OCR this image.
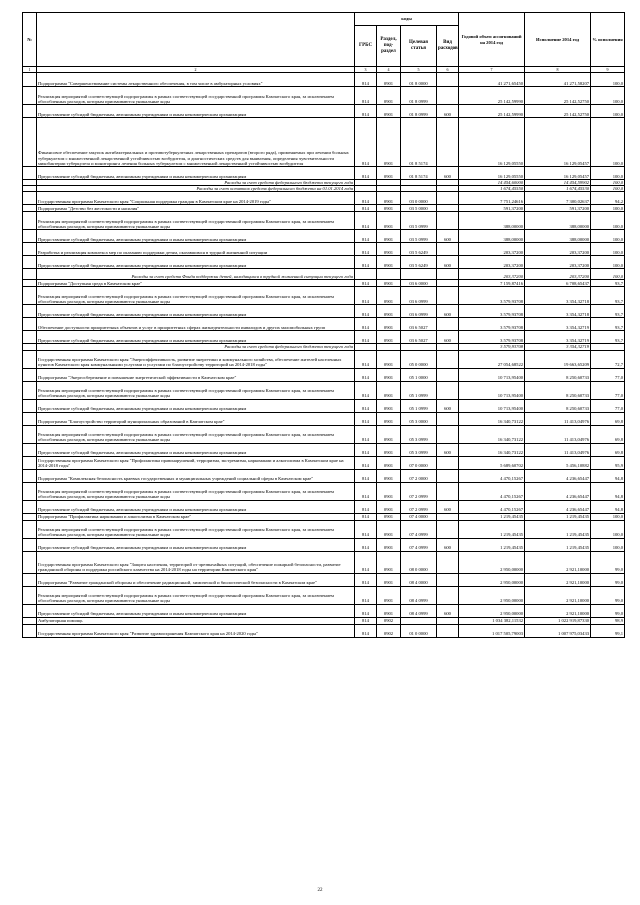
№		коды				Годовой объем ассигнований на 2014 год	Исполнение 2014 год	% исполнения
		ГРБС	Раздел, под-раздел	Целевая статья	Вид расходов			
1	2	3	4	5	6	7	8	9
	Подпрограмма "Совершенствование системы лекарственного обеспечения, в том числе в амбулаторных условиях"	814	0901	01 8 0000		41 271,65450	41 271,58207	100,0
	Реализация мероприятий соответствующей подпрограммы в рамках соответствующей государственной программы Камчатского края, за исключением обособленных расходов, которым присваиваются уникальные коды	814	0901	01 8 0999		25 142,59990	25 142,52750	100,0
	Предоставление субсидий бюджетным, автономным учреждениям и иным некоммерческим организациям	814	0901	01 8 0999	600	25 142,59990	25 142,52750	100,0
	Финансовое обеспечение закупок антибактериальных и противотуберкулезных лекарственных препаратов (второго ряда), применяемых при лечении больных туберкулезом с множественной лекарственной устойчивостью возбудителя, и диагностических средств для выявления, определения чувствительности микобактерии туберкулеза и мониторинга лечения больных туберкулезом с множественной лекарственной устойчивостью возбудителя	814	0901	01 8 5174		16 129,05550	16 129,05457	100,0
	Предоставление субсидий бюджетным, автономным учреждениям и иным некоммерческим организациям	814	0901	01 8 5174	600	16 129,05550	16 129,05457	100,0
	Расходы за счет средств федерального бюджета текущего года					14 454,60000	14 454,59902	100,0
	Расходы за счет остатков средств федерального бюджета на 01.01.2014 года					1 674,45550	1 674,45530	100,0
	Государственная программа Камчатского края "Социальная поддержка граждан в Камчатском крае на 2014-2019 годы"	814	0901	03 0 0000		7 751,24616	7 300,02637	94,2
	Подпрограмма "Детство без жестокости и насилия"	814	0901	03 5 0000		591,37200	591,37200	100,0
	Реализация мероприятий соответствующей подпрограммы в рамках соответствующей государственной программы Камчатского края, за исключением обособленных расходов, которым присваиваются уникальные коды	814	0901	03 5 0999		388,00000	388,00000	100,0
	Предоставление субсидий бюджетным, автономным учреждениям и иным некоммерческим организациям	814	0901	03 5 0999	600	388,00000	388,00000	100,0
	Разработка и реализация комплекса мер по оказанию поддержки детям, оказавшимся в трудной жизненной ситуации	814	0901	03 5 6249		203,37200	203,37200	100,0
	Предоставление субсидий бюджетным, автономным учреждениям и иным некоммерческим организациям	814	0901	03 5 6249	600	203,37200	203,37200	100,0
	Расходы за счет средств Фонда поддержки детей, находящихся в трудной жизненной ситуации текущего года					203,37200	203,37200	100,0
	Подпрограмма "Доступная среда в Камчатском крае"	814	0901	03 6 0000		7 159,87416	6 708,65437	93,7
	Реализация мероприятий соответствующей подпрограммы в рамках соответствующей государственной программы Камчатского края, за исключением обособленных расходов, которым присваиваются уникальные коды	814	0901	03 6 0999		3 579,93708	3 354,32718	93,7
	Предоставление субсидий бюджетным, автономным учреждениям и иным некоммерческим организациям	814	0901	03 6 0999	600	3 579,93708	3 354,32718	93,7
	Обеспечение доступности приоритетных объектов и услуг в приоритетных сферах жизнедеятельности инвалидов и других маломобильных групп	814	0901	03 6 5027		3 579,93708	3 354,32719	93,7
	Предоставление субсидий бюджетным, автономным учреждениям и иным некоммерческим организациям	814	0901	03 6 5027	600	3 579,93708	3 354,32719	93,7
	Расходы за счет средств федерального бюджета текущего года					3 579,93708	3 354,32719	
	Государственная программа Камчатского края "Энергоэффективность, развитие энергетики и коммунального хозяйства, обеспечение жителей населенных пунктов Камчатского края коммунальными услугами и услугами по благоустройству территорий на 2014-2018 годы"	814	0901	05 0 0000		27 054,68522	19 663,65209	72,7
	Подпрограмма "Энергосбережение и повышение энергетической эффективности в Камчатском крае"	814	0901	05 1 0000		10 713,95400	8 250,60733	77,0
	Реализация мероприятий соответствующей подпрограммы в рамках соответствующей государственной программы Камчатского края, за исключением обособленных расходов, которым присваиваются уникальные коды	814	0901	05 1 0999		10 713,95400	8 250,60733	77,0
	Предоставление субсидий бюджетным, автономным учреждениям и иным некоммерческим организациям	814	0901	05 1 0999	600	10 713,95400	8 250,60733	77,0
	Подпрограмма "Благоустройство территорий муниципальных образований в Камчатском крае"	814	0901	05 3 0000		16 340,73122	11 413,04976	69,8
	Реализация мероприятий соответствующей подпрограммы в рамках соответствующей государственной программы Камчатского края, за исключением обособленных расходов, которым присваиваются уникальные коды	814	0901	05 3 0999		16 340,73122	11 413,04976	69,8
	Предоставление субсидий бюджетным, автономным учреждениям и иным некоммерческим организациям	814	0901	05 3 0999	600	16 340,73122	11 413,04976	69,8
	Государственная программа Камчатского края "Профилактика правонарушений, терроризма, экстремизма, наркомании и алкоголизма в Камчатском крае на 2014-2018 годы"	814	0901	07 0 0000		5 689,60702	5 456,10882	95,9
	Подпрограмма "Комплексная безопасность краевых государственных и муниципальных учреждений социальной сферы в Камчатском крае"	814	0901	07 2 0000		4 470,15267	4 236,65447	94,8
	Реализация мероприятий соответствующей подпрограммы в рамках соответствующей государственной программы Камчатского края, за исключением обособленных расходов, которым присваиваются уникальные коды	814	0901	07 2 0999		4 470,15267	4 236,65447	94,8
	Предоставление субсидий бюджетным, автономным учреждениям и иным некоммерческим организациям	814	0901	07 2 0999	600	4 470,15267	4 236,65447	94,8
	Подпрограмма "Профилактика наркомании и алкоголизма в Камчатском крае"	814	0901	07 4 0000		1 219,45435	1 219,45435	100,0
	Реализация мероприятий соответствующей подпрограммы в рамках соответствующей государственной программы Камчатского края, за исключением обособленных расходов, которым присваиваются уникальные коды	814	0901	07 4 0999		1 219,45435	1 219,45435	100,0
	Предоставление субсидий бюджетным, автономным учреждениям и иным некоммерческим организациям	814	0901	07 4 0999	600	1 219,45435	1 219,45435	100,0
	Государственная программа Камчатского края "Защита населения, территорий от чрезвычайных ситуаций, обеспечение пожарной безопасности, развитие гражданской обороны и поддержка российского казачества на 2014-2018 годы на территории Камчатского края"	814	0901	08 0 0000		2 950,00000	2 921,10000	99,0
	Подпрограмма "Развитие гражданской обороны и обеспечение радиационной, химической и биологической безопасности в Камчатском крае"	814	0901	08 4 0000		2 950,00000	2 921,10000	99,0
	Реализация мероприятий соответствующей подпрограммы в рамках соответствующей государственной программы Камчатского края, за исключением обособленных расходов, которым присваиваются уникальные коды	814	0901	08 4 0999		2 950,00000	2 921,10000	99,0
	Предоставление субсидий бюджетным, автономным учреждениям и иным некоммерческим организациям	814	0901	08 4 0999	600	2 950,00000	2 921,10000	99,0
	Амбулаторная помощь	814	0902			1 034 382,11532	1 022 919,87330	98,9
	Государственная программа Камчатского края "Развитие здравоохранения Камчатского края на 2014-2020 годы"	814	0902	01 0 0000		1 017 505,79003	1 007 975,03433	99,1
22
